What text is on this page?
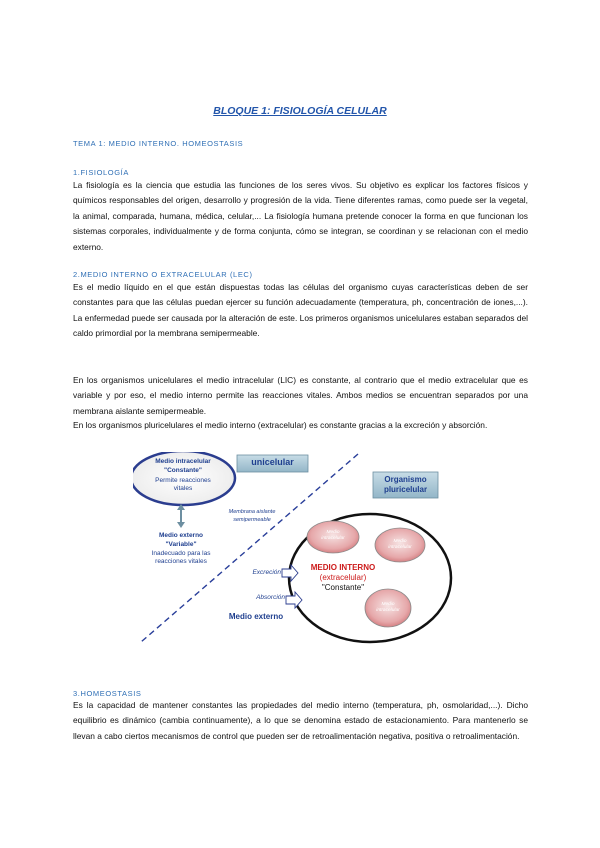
BLOQUE 1: FISIOLOGÍA CELULAR
TEMA 1: MEDIO INTERNO. HOMEOSTASIS
1.FISIOLOGÍA

La fisiología es la ciencia que estudia las funciones de los seres vivos. Su objetivo es explicar los factores físicos y químicos responsables del origen, desarrollo y progresión de la vida. Tiene diferentes ramas, como puede ser la vegetal, la animal, comparada, humana, médica, celular,... La fisiología humana pretende conocer la forma en que funcionan los sistemas corporales, individualmente y de forma conjunta, cómo se integran, se coordinan y se relacionan con el medio externo.

2.MEDIO INTERNO O EXTRACELULAR (LEC)

Es el medio líquido en el que están dispuestas todas las células del organismo cuyas características deben de ser constantes para que las células puedan ejercer su función adecuadamente (temperatura, ph, concentración de iones,...). La enfermedad puede ser causada por la alteración de este. Los primeros organismos unicelulares estaban separados del caldo primordial por la membrana semipermeable.

En los organismos unicelulares el medio intracelular (LIC) es constante, al contrario que el medio extracelular que es variable y por eso, el medio interno permite las reacciones vitales. Ambos medios se encuentran separados por una membrana aislante semipermeable.

En los organismos pluricelulares el medio interno (extracelular) es constante gracias a la excreción y absorción.

unicelular
Medio intracelular
"Constante"
Permite reacciones
vitales
Membrana aislante
semipermeable
Medio externo
"Variable"
Inadecuado para las
reacciones vitales
Organismo
pluricelular
Medio
intracelular
Medio
intracelular
Medio
intracelular
MEDIO INTERNO
(extracelular)
"Constante"
Excreción
Absorción
Medio externo
3.HOMEOSTASIS

Es la capacidad de mantener constantes las propiedades del medio interno (temperatura, ph, osmolaridad,...). Dicho equilibrio es dinámico (cambia continuamente), a lo que se denomina estado de estacionamiento. Para mantenerlo se llevan a cabo ciertos mecanismos de control que pueden ser de retroalimentación negativa, positiva o retroalimentación.
